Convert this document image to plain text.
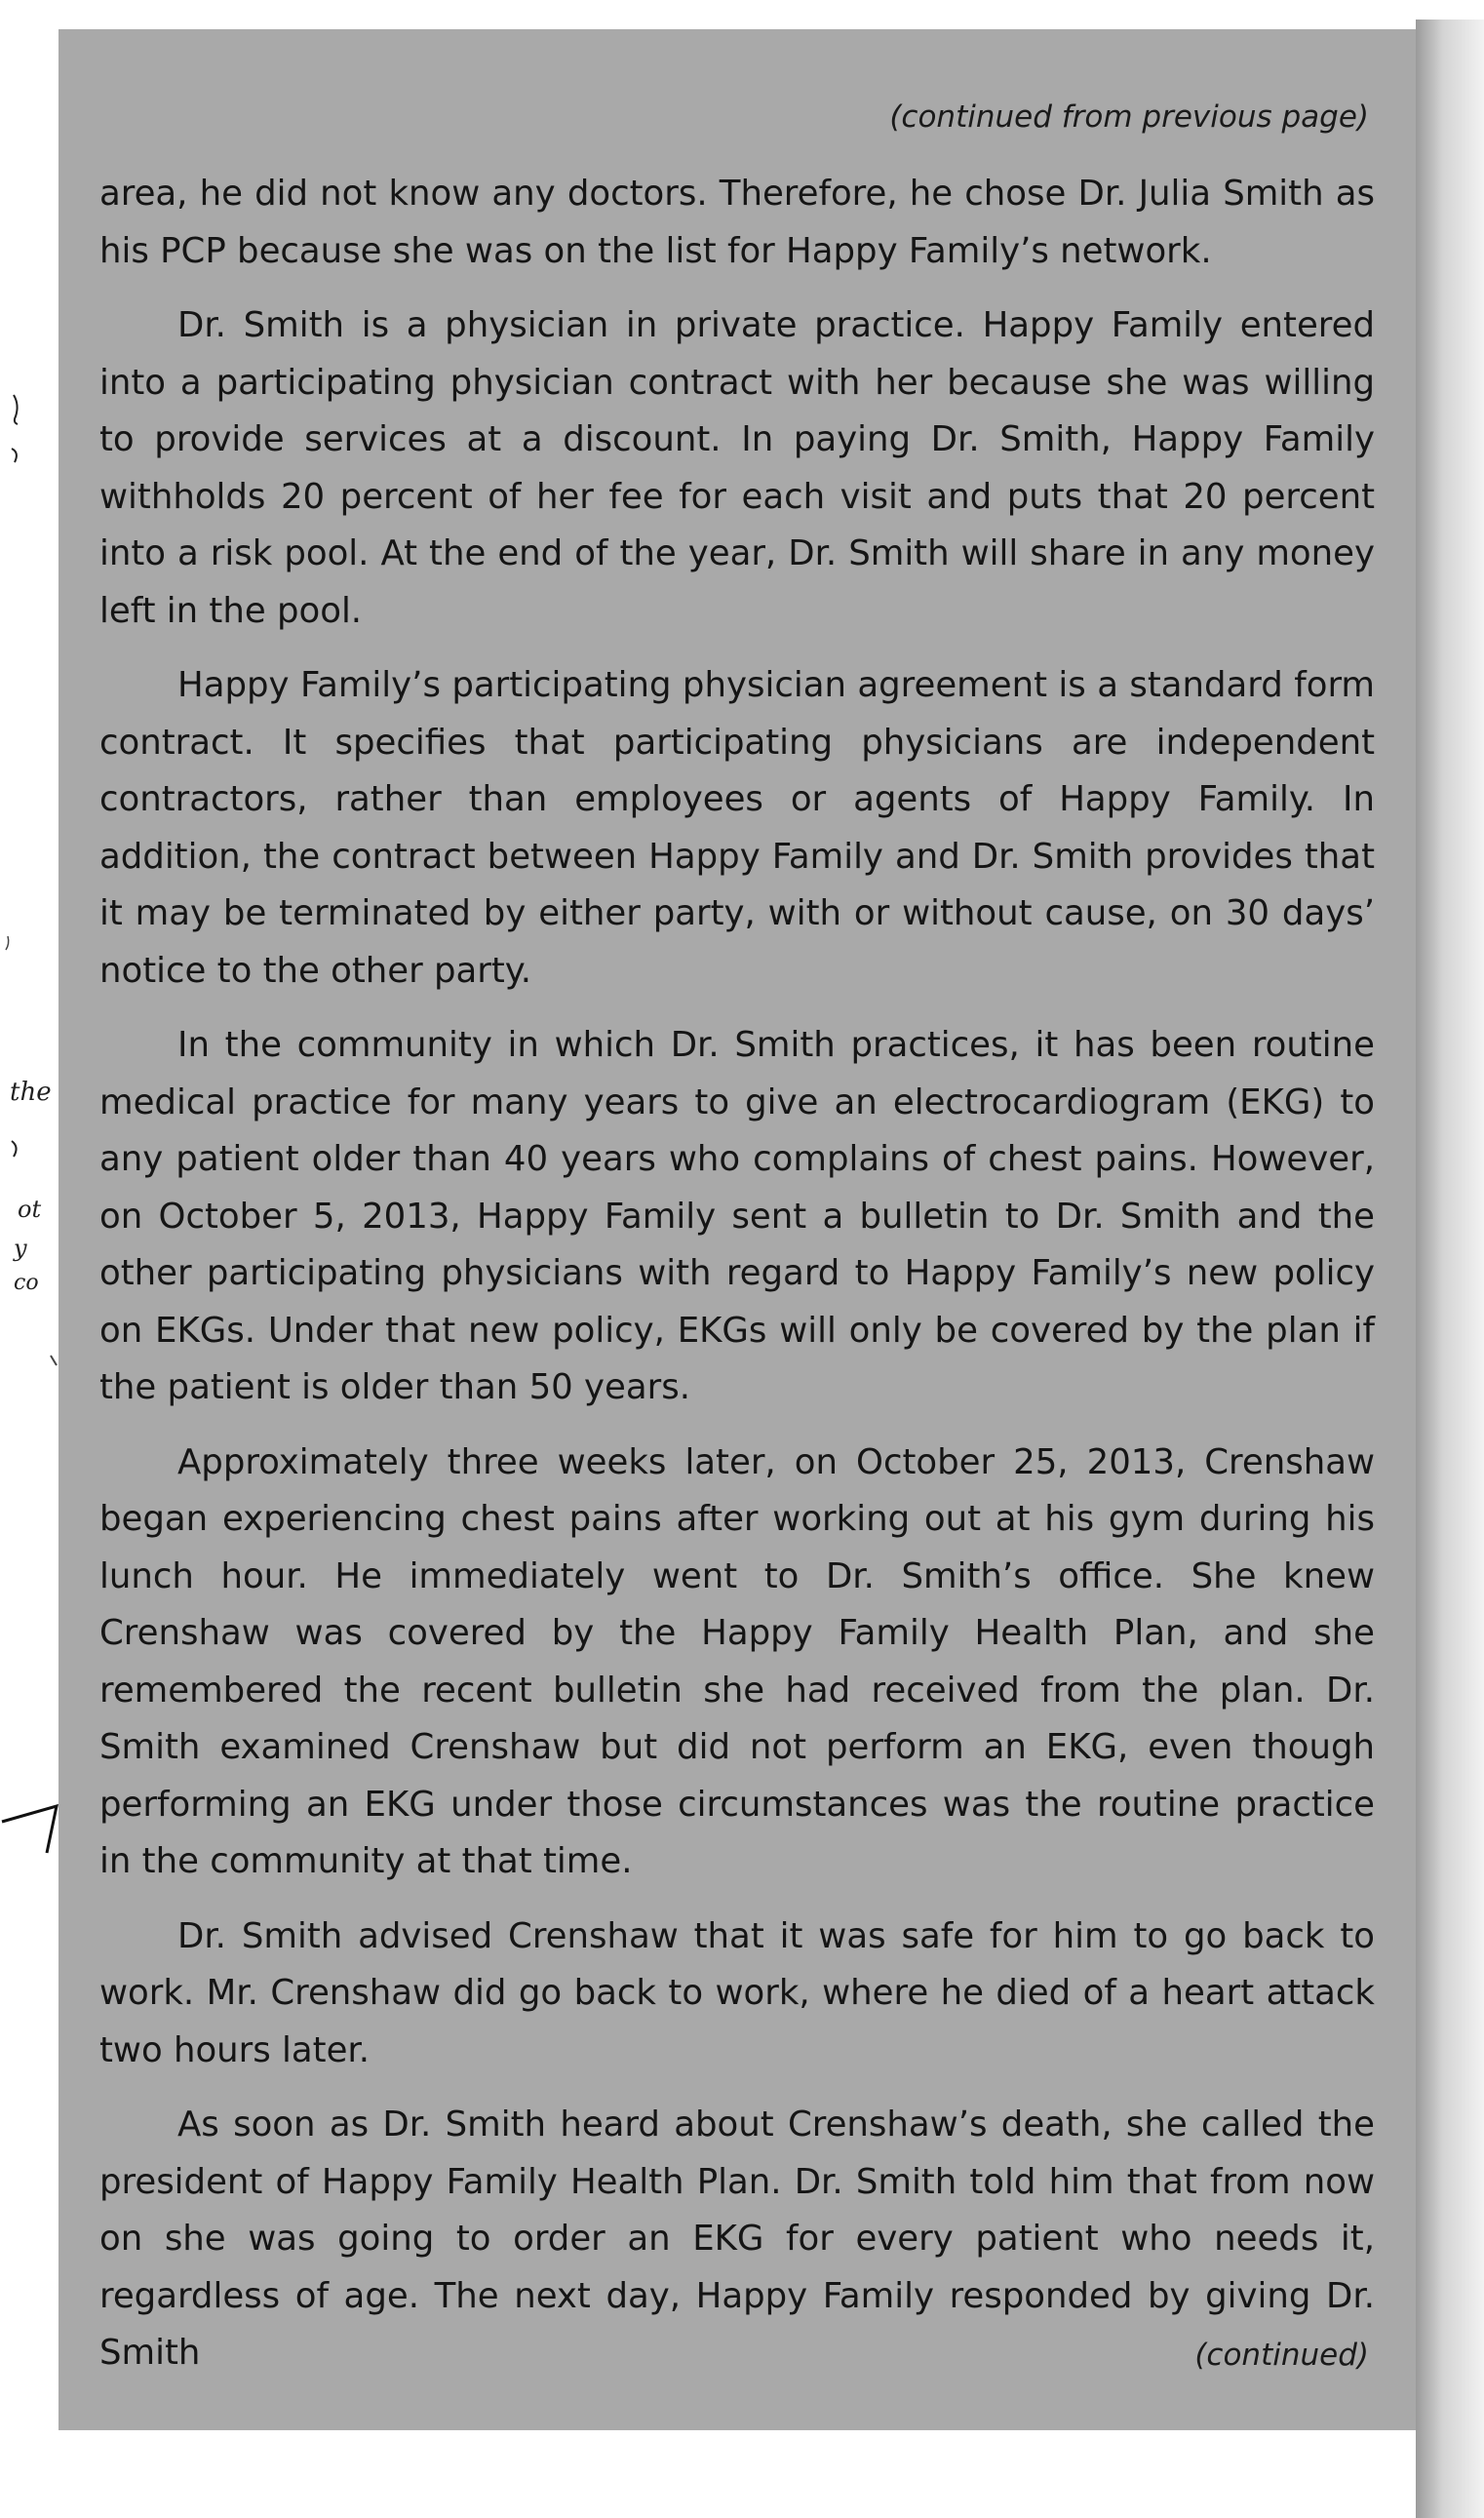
the
ot
y
co
(continued from previous page)

area, he did not know any doctors. Therefore, he chose Dr. Julia Smith as his PCP because she was on the list for Happy Family’s network.

Dr. Smith is a physician in private practice. Happy Family entered into a participating physician contract with her because she was willing to provide services at a discount. In paying Dr. Smith, Happy Family withholds 20 percent of her fee for each visit and puts that 20 percent into a risk pool. At the end of the year, Dr. Smith will share in any money left in the pool.

Happy Family’s participating physician agreement is a standard form contract. It specifies that participating physicians are independent contractors, rather than employees or agents of Happy Family. In addition, the contract between Happy Family and Dr. Smith provides that it may be terminated by either party, with or without cause, on 30 days’ notice to the other party.

In the community in which Dr. Smith practices, it has been routine medical practice for many years to give an electrocardiogram (EKG) to any patient older than 40 years who complains of chest pains. However, on October 5, 2013, Happy Family sent a bulletin to Dr. Smith and the other participating physicians with regard to Happy Family’s new policy on EKGs. Under that new policy, EKGs will only be covered by the plan if the patient is older than 50 years.

Approximately three weeks later, on October 25, 2013, Crenshaw began experiencing chest pains after working out at his gym during his lunch hour. He immediately went to Dr. Smith’s office. She knew Crenshaw was covered by the Happy Family Health Plan, and she remembered the recent bulletin she had received from the plan. Dr. Smith examined Crenshaw but did not perform an EKG, even though performing an EKG under those circumstances was the routine practice in the community at that time.

Dr. Smith advised Crenshaw that it was safe for him to go back to work. Mr. Crenshaw did go back to work, where he died of a heart attack two hours later.

As soon as Dr. Smith heard about Crenshaw’s death, she called the president of Happy Family Health Plan. Dr. Smith told him that from now on she was going to order an EKG for every patient who needs it, regardless of age. The next day, Happy Family responded by giving Dr. Smith	(continued)
